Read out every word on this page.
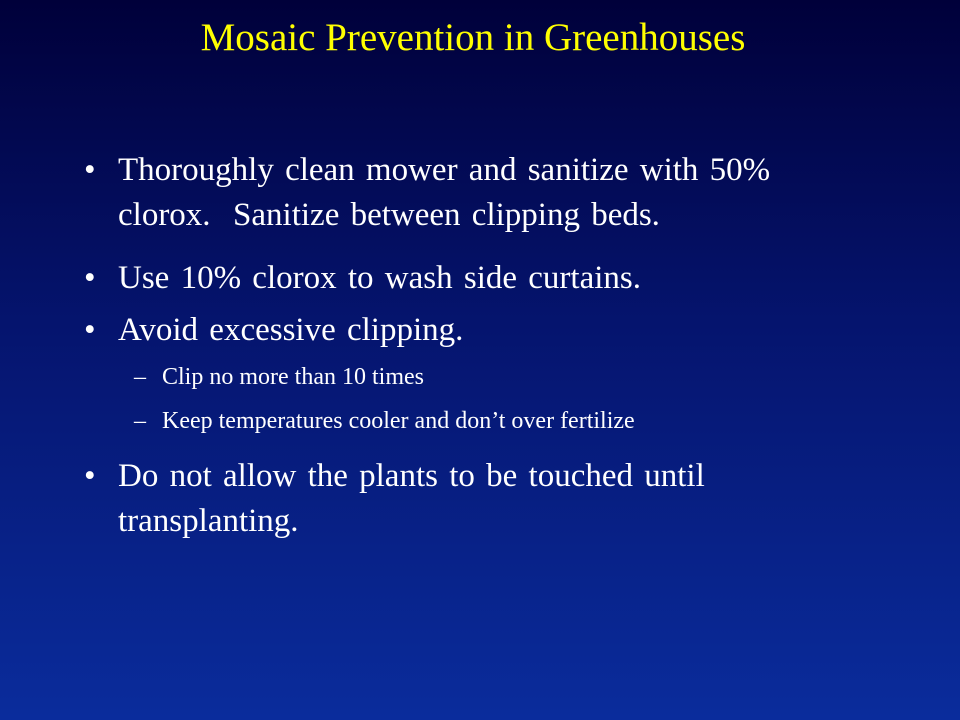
Mosaic Prevention in Greenhouses
• Thoroughly clean mower and sanitize with 50%
clorox.  Sanitize between clipping beds.
• Use 10% clorox to wash side curtains.
• Avoid excessive clipping.
– Clip no more than 10 times
– Keep temperatures cooler and don’t over fertilize
• Do not allow the plants to be touched until
transplanting.
